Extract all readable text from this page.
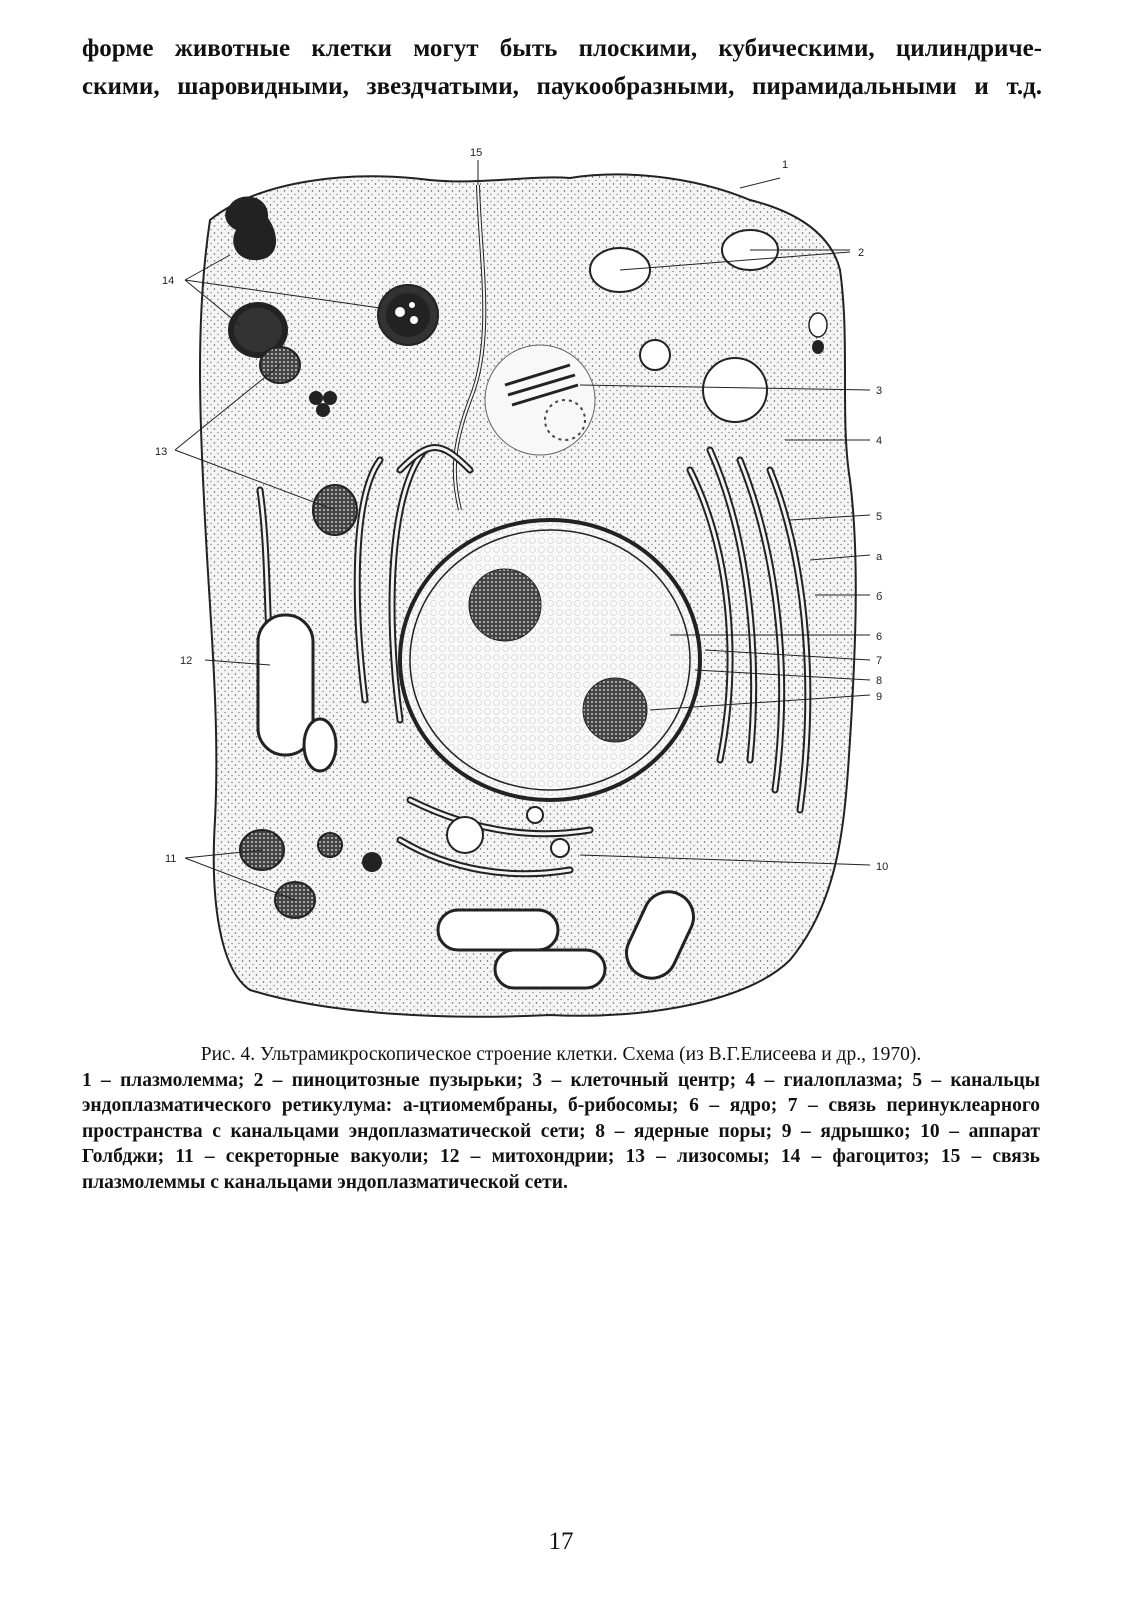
форме животные клетки могут быть плоскими, кубическими, цилиндриче-
скими, шаровидными, звездчатыми, паукообразными, пирамидальными и т.д.
1
2
3
4
5
а
б
6
7
8
9
10
11
12
13
14
15
Рис. 4. Ультрамикроскопическое строение клетки. Схема (из В.Г.Елисеева и др., 1970).
1 – плазмолемма; 2 – пиноцитозные пузырьки; 3 – клеточный центр; 4 – гиалоплазма; 5 – канальцы эндоплазматического ретикулума: а-цтиомембраны, б-рибосомы; 6 – ядро; 7 – связь перинуклеарного пространства с канальцами эндоплазматической сети; 8 – ядерные поры; 9 – ядрышко; 10 – аппарат Голбджи; 11 – секреторные вакуоли; 12 – митохондрии; 13 – лизосомы; 14 – фагоцитоз; 15 – связь плазмолеммы с канальцами эндоплазматической сети.
17
